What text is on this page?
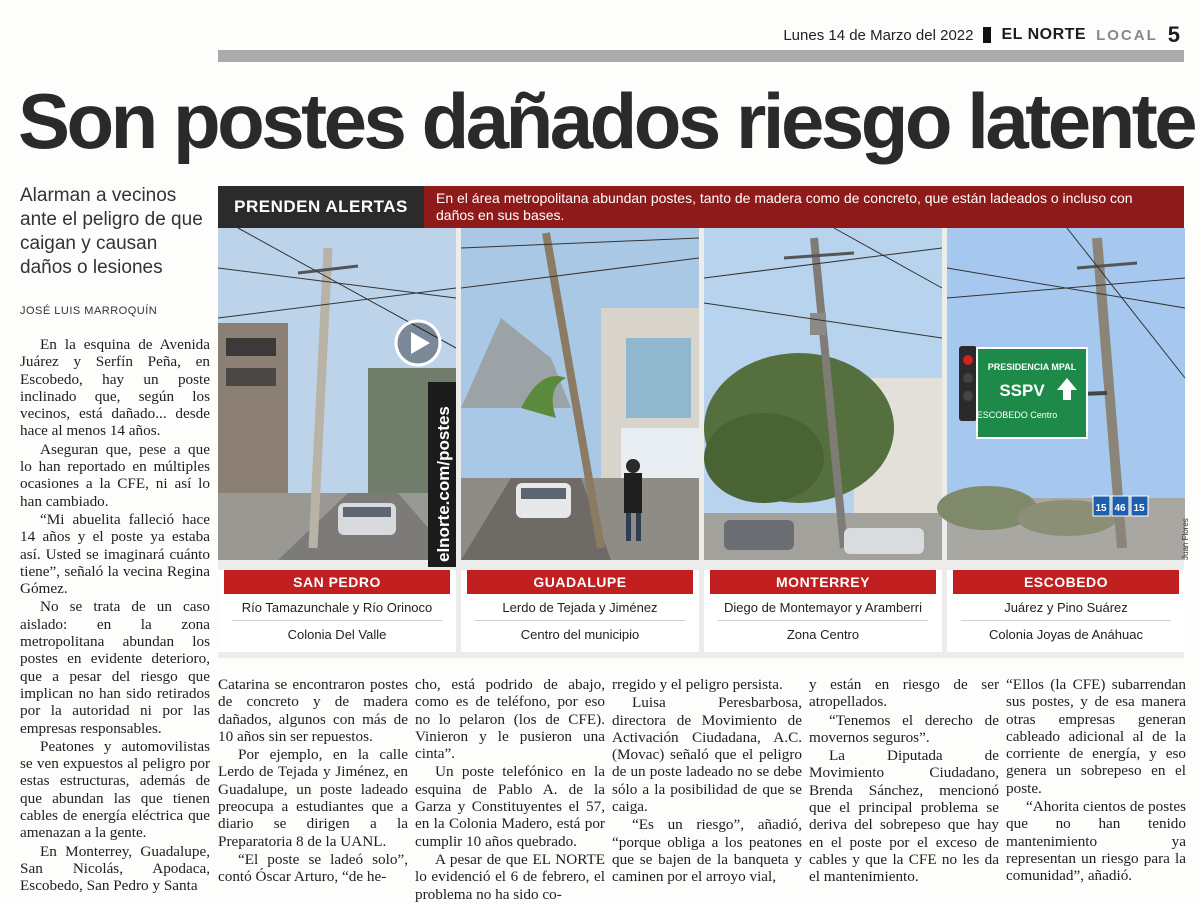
Lunes 14 de Marzo del 2022 EL NORTE LOCAL 5
Son postes dañados riesgo latente
Alarman a vecinos ante el peligro de que caigan y causan daños o lesiones
JOSÉ LUIS MARROQUÍN

En la esquina de Avenida Juárez y Serfín Peña, en Escobedo, hay un poste inclinado que, según los vecinos, está dañado... desde hace al menos 14 años.

Aseguran que, pese a que lo han reportado en múltiples ocasiones a la CFE, ni así lo han cambiado.

“Mi abuelita falleció hace 14 años y el poste ya estaba así. Usted se imaginará cuánto tiene”, señaló la vecina Regina Gómez.

No se trata de un caso aislado: en la zona metropolitana abundan los postes en evidente deterioro, que a pesar del riesgo que implican no han sido retirados por la autoridad ni por las empresas responsables.

Peatones y automovilistas se ven expuestos al peligro por estas estructuras, además de que abundan las que tienen cables de energía eléctrica que amenazan a la gente.

En Monterrey, Guadalupe, San Nicolás, Apodaca, Escobedo, San Pedro y Santa

Catarina se encontraron postes de concreto y de madera dañados, algunos con más de 10 años sin ser repuestos.

Por ejemplo, en la calle Lerdo de Tejada y Jiménez, en Guadalupe, un poste ladeado preocupa a estudiantes que a diario se dirigen a la Preparatoria 8 de la UANL.

“El poste se ladeó solo”, contó Óscar Arturo, “de he-

cho, está podrido de abajo, como es de teléfono, por eso no lo pelaron (los de CFE). Vinieron y le pusieron una cinta”.

Un poste telefónico en la esquina de Pablo A. de la Garza y Constituyentes el 57, en la Colonia Madero, está por cumplir 10 años quebrado.

A pesar de que EL NORTE lo evidenció el 6 de febrero, el problema no ha sido co-

rregido y el peligro persista.

Luisa Peresbarbosa, directora de Movimiento de Activación Ciudadana, A.C. (Movac) señaló que el peligro de un poste ladeado no se debe sólo a la posibilidad de que se caiga.

“Es un riesgo”, añadió, “porque obliga a los peatones que se bajen de la banqueta y caminen por el arroyo vial,

y están en riesgo de ser atropellados.

“Tenemos el derecho de movernos seguros”.

La Diputada de Movimiento Ciudadano, Brenda Sánchez, mencionó que el principal problema se deriva del sobrepeso que hay en el poste por el exceso de cables y que la CFE no les da el mantenimiento.

“Ellos (la CFE) subarrendan sus postes, y de esa manera otras empresas generan cableado adicional al de la corriente de energía, y eso genera un sobrepeso en el poste.

“Ahorita cientos de postes que no han tenido mantenimiento ya representan un riesgo para la comunidad”, añadió.

PRENDEN ALERTAS	En el área metropolitana abundan postes, tanto de madera como de concreto, que están ladeados o incluso con daños en sus bases.
PRESIDENCIA MPAL
SSPV
ESCOBEDO Centro
15 46 15
SAN PEDRO
Río Tamazunchale y Río Orinoco
Colonia Del Valle
GUADALUPE
Lerdo de Tejada y Jiménez
Centro del municipio
MONTERREY
Diego de Montemayor y Aramberri
Zona Centro
ESCOBEDO
Juárez y Pino Suárez
Colonia Joyas de Anáhuac
elnorte.com/postes	Juan Flores
